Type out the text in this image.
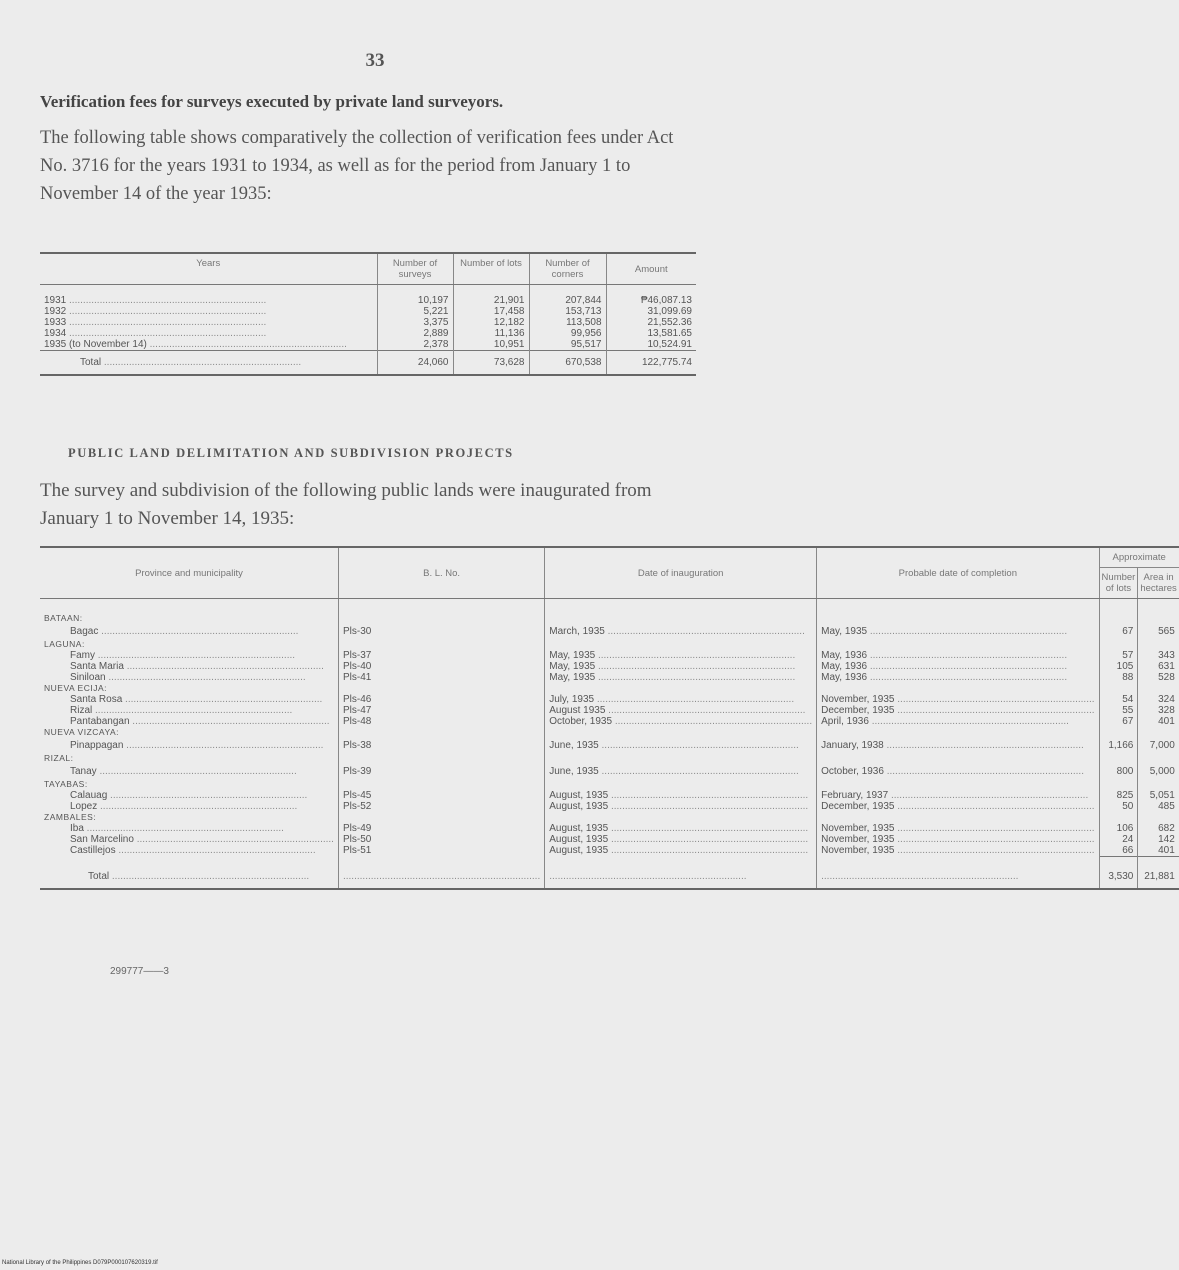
33
Verification fees for surveys executed by private land surveyors.
The following table shows comparatively the collection of verification fees under Act No. 3716 for the years 1931 to 1934, as well as for the period from January 1 to November 14 of the year 1935:
Years	Number of surveys	Number of lots	Number of corners	Amount
1931 .....	10,197	21,901	207,844	₱46,087.13
1932 .....	5,221	17,458	153,713	31,099.69
1933 .....	3,375	12,182	113,508	21,552.36
1934 .....	2,889	11,136	99,956	13,581.65
1935 (to November 14) .....	2,378	10,951	95,517	10,524.91
Total .....	24,060	73,628	670,538	122,775.74
PUBLIC LAND DELIMITATION AND SUBDIVISION PROJECTS
The survey and subdivision of the following public lands were inaugurated from January 1 to November 14, 1935:
Province and municipality	B. L. No.	Date of inauguration	Probable date of completion	Approximate	
				Number of lots	Area in hectares
BATAAN:					
Bagac .....	Pls-30	March, 1935 .....	May, 1935 .....	67	565
LAGUNA:					
Famy .....	Pls-37	May, 1935 .....	May, 1936 .....	57	343
Santa Maria .....	Pls-40	May, 1935 .....	May, 1936 .....	105	631
Siniloan .....	Pls-41	May, 1935 .....	May, 1936 .....	88	528
NUEVA ECIJA:					
Santa Rosa .....	Pls-46	July, 1935 .....	November, 1935 .....	54	324
Rizal .....	Pls-47	August 1935 .....	December, 1935 .....	55	328
Pantabangan .....	Pls-48	October, 1935 .....	April, 1936 .....	67	401
NUEVA VIZCAYA:					
Pinappagan .....	Pls-38	June, 1935 .....	January, 1938 .....	1,166	7,000
RIZAL:					
Tanay .....	Pls-39	June, 1935 .....	October, 1936 .....	800	5,000
TAYABAS:					
Calauag .....	Pls-45	August, 1935 .....	February, 1937 .....	825	5,051
Lopez .....	Pls-52	August, 1935 .....	December, 1935 .....	50	485
ZAMBALES:					
Iba .....	Pls-49	August, 1935 .....	November, 1935 .....	106	682
San Marcelino .....	Pls-50	August, 1935 .....	November, 1935 .....	24	142
Castillejos .....	Pls-51	August, 1935 .....	November, 1935 .....	66	401
Total .....	.....	.....	.....	3,530	21,881
299777——3
National Library of the Philippines D079P000107620319.tif
